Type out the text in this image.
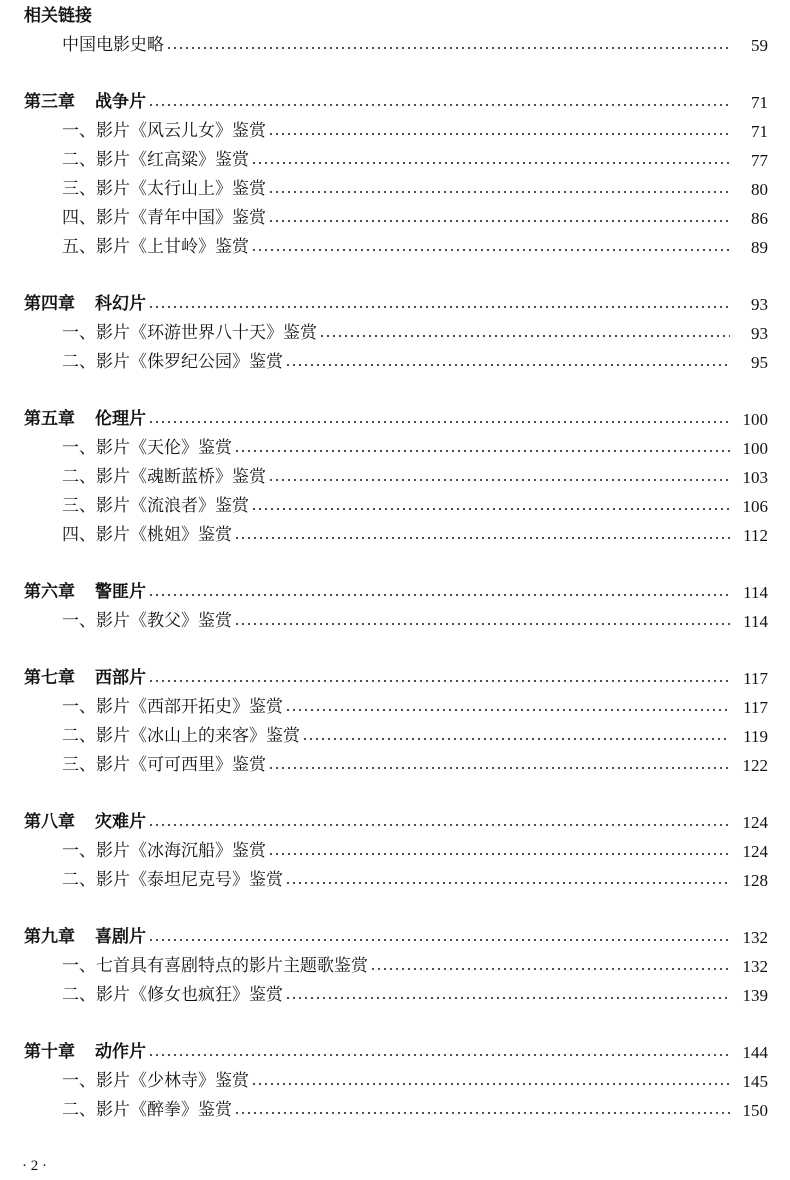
相关链接
中国电影史略	59
第三章 战争片	71
一、影片《风云儿女》鉴赏	71
二、影片《红高粱》鉴赏	77
三、影片《太行山上》鉴赏	80
四、影片《青年中国》鉴赏	86
五、影片《上甘岭》鉴赏	89
第四章 科幻片	93
一、影片《环游世界八十天》鉴赏	93
二、影片《侏罗纪公园》鉴赏	95
第五章 伦理片	100
一、影片《天伦》鉴赏	100
二、影片《魂断蓝桥》鉴赏	103
三、影片《流浪者》鉴赏	106
四、影片《桃姐》鉴赏	112
第六章 警匪片	114
一、影片《教父》鉴赏	114
第七章 西部片	117
一、影片《西部开拓史》鉴赏	117
二、影片《冰山上的来客》鉴赏	119
三、影片《可可西里》鉴赏	122
第八章 灾难片	124
一、影片《冰海沉船》鉴赏	124
二、影片《泰坦尼克号》鉴赏	128
第九章 喜剧片	132
一、七首具有喜剧特点的影片主题歌鉴赏	132
二、影片《修女也疯狂》鉴赏	139
第十章 动作片	144
一、影片《少林寺》鉴赏	145
二、影片《醉拳》鉴赏	150
· 2 ·
